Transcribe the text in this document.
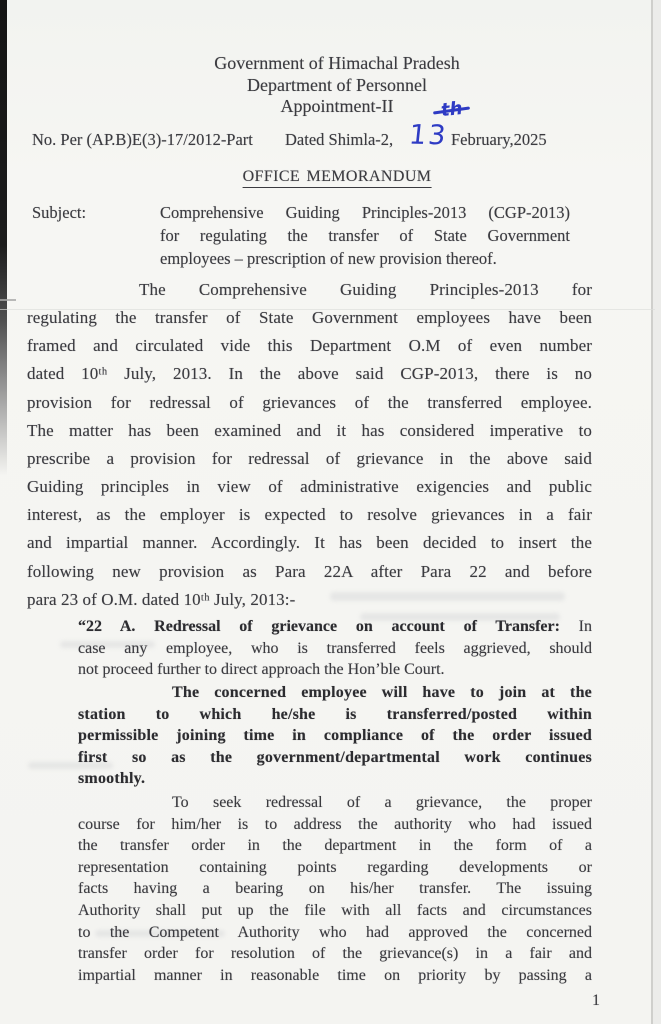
Government of Himachal Pradesh
Department of Personnel
Appointment-II
No. Per (AP.B)E(3)-17/2012-Part Dated Shimla-2,	February,2025
13
OFFICE MEMORANDUM
Subject:	Comprehensive Guiding Principles-2013 (CGP-2013)
for regulating the transfer of State Government
employees – prescription of new provision thereof.
The Comprehensive Guiding Principles-2013 for
regulating the transfer of State Government employees have been
framed and circulated vide this Department O.M of even number
dated 10ᵗʰ July, 2013. In the above said CGP-2013, there is no
provision for redressal of grievances of the transferred employee.
The matter has been examined and it has considered imperative to
prescribe a provision for redressal of grievance in the above said
Guiding principles in view of administrative exigencies and public
interest, as the employer is expected to resolve grievances in a fair
and impartial manner. Accordingly. It has been decided to insert the
following new provision as Para 22A after Para 22 and before
para 23 of O.M. dated 10ᵗʰ July, 2013:-
“22 A. Redressal of grievance on account of Transfer: In
case any employee, who is transferred feels aggrieved, should
not proceed further to direct approach the Hon’ble Court.
The concerned employee will have to join at the
station to which he/she is transferred/posted within
permissible joining time in compliance of the order issued
first so as the government/departmental work continues
smoothly.
To seek redressal of a grievance, the proper
course for him/her is to address the authority who had issued
the transfer order in the department in the form of a
representation containing points regarding developments or
facts having a bearing on his/her transfer. The issuing
Authority shall put up the file with all facts and circumstances
to the Competent Authority who had approved the concerned
transfer order for resolution of the grievance(s) in a fair and
impartial manner in reasonable time on priority by passing a
1
